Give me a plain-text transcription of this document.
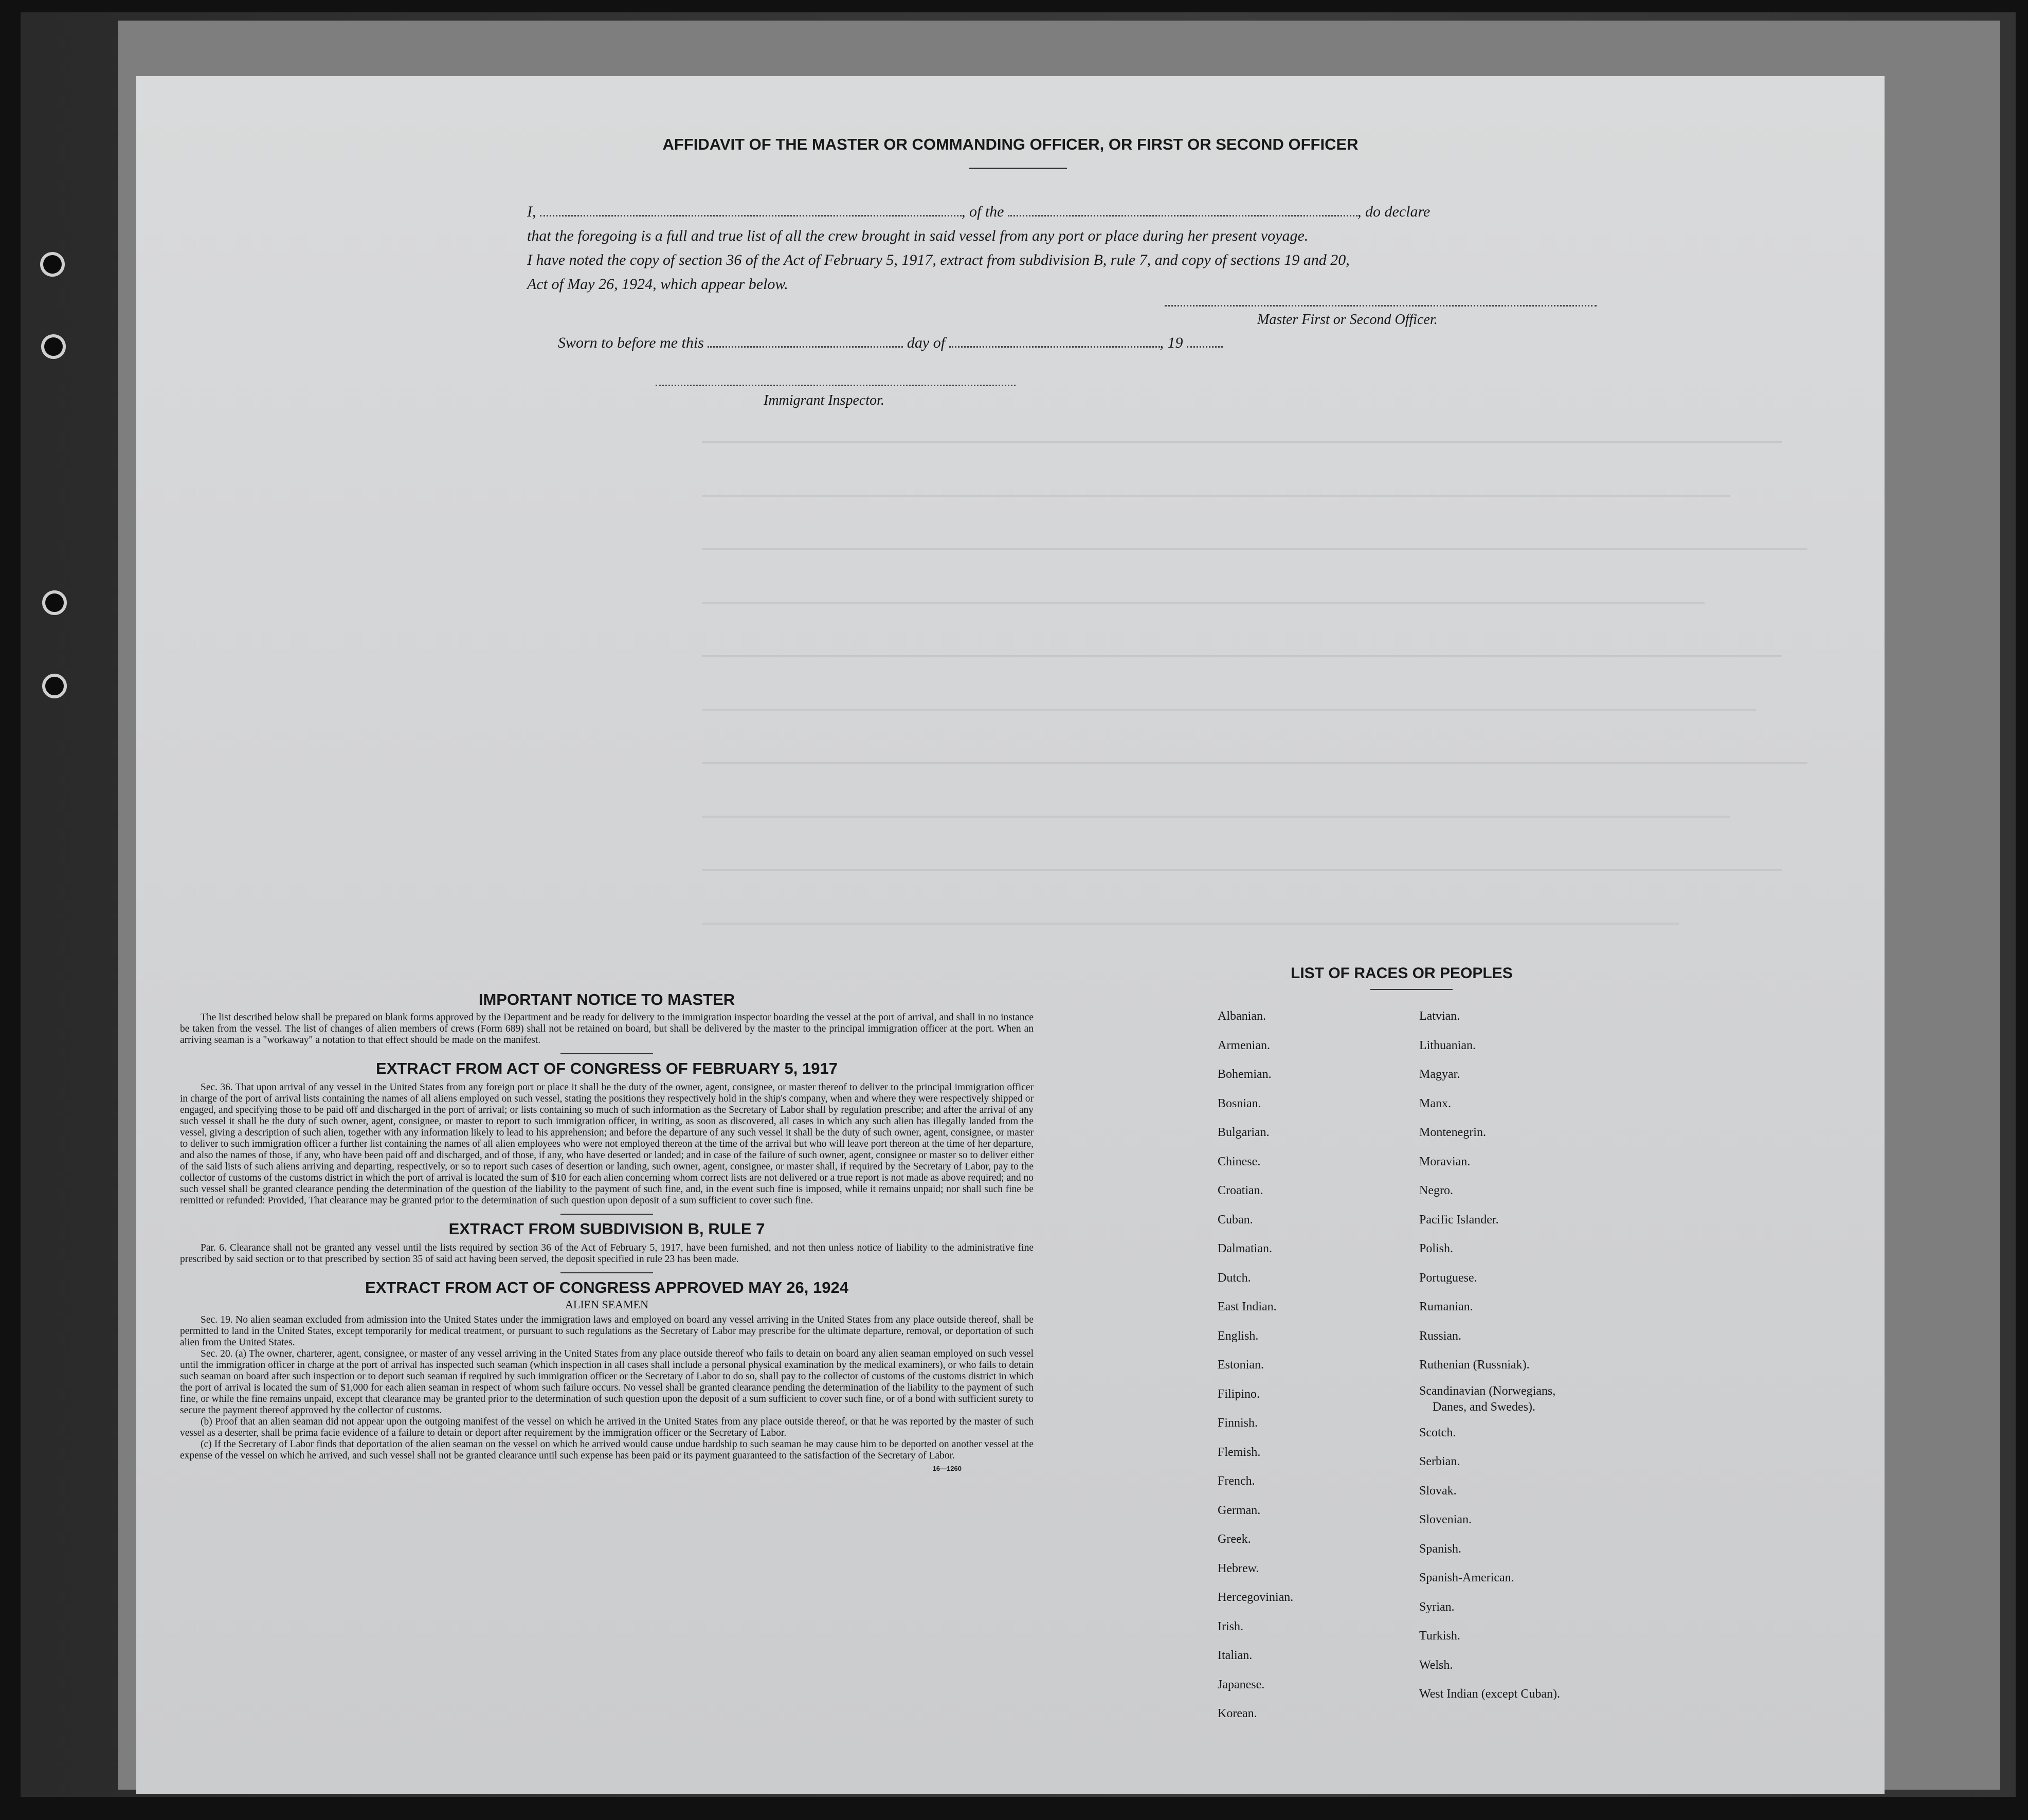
AFFIDAVIT OF THE MASTER OR COMMANDING OFFICER, OR FIRST OR SECOND OFFICER
I,	, of the	, do declare
that the foregoing is a full and true list of all the crew brought in said vessel from any port or place during her present voyage.
I have noted the copy of section 36 of the Act of February 5, 1917, extract from subdivision B, rule 7, and copy of sections 19 and 20,
Act of May 26, 1924, which appear below.
Master First or Second Officer.
Sworn to before me this	day of	, 19
Immigrant Inspector.
IMPORTANT NOTICE TO MASTER

The list described below shall be prepared on blank forms approved by the Department and be ready for delivery to the immigration inspector boarding the vessel at the port of arrival, and shall in no instance be taken from the vessel. The list of changes of alien members of crews (Form 689) shall not be retained on board, but shall be delivered by the master to the principal immigration officer at the port. When an arriving seaman is a "workaway" a notation to that effect should be made on the manifest.

EXTRACT FROM ACT OF CONGRESS OF FEBRUARY 5, 1917

Sec. 36. That upon arrival of any vessel in the United States from any foreign port or place it shall be the duty of the owner, agent, consignee, or master thereof to deliver to the principal immigration officer in charge of the port of arrival lists containing the names of all aliens employed on such vessel, stating the positions they respectively hold in the ship's company, when and where they were respectively shipped or engaged, and specifying those to be paid off and discharged in the port of arrival; or lists containing so much of such information as the Secretary of Labor shall by regulation prescribe; and after the arrival of any such vessel it shall be the duty of such owner, agent, consignee, or master to report to such immigration officer, in writing, as soon as discovered, all cases in which any such alien has illegally landed from the vessel, giving a description of such alien, together with any information likely to lead to his apprehension; and before the departure of any such vessel it shall be the duty of such owner, agent, consignee, or master to deliver to such immigration officer a further list containing the names of all alien employees who were not employed thereon at the time of the arrival but who will leave port thereon at the time of her departure, and also the names of those, if any, who have been paid off and discharged, and of those, if any, who have deserted or landed; and in case of the failure of such owner, agent, consignee or master so to deliver either of the said lists of such aliens arriving and departing, respectively, or so to report such cases of desertion or landing, such owner, agent, consignee, or master shall, if required by the Secretary of Labor, pay to the collector of customs of the customs district in which the port of arrival is located the sum of $10 for each alien concerning whom correct lists are not delivered or a true report is not made as above required; and no such vessel shall be granted clearance pending the determination of the question of the liability to the payment of such fine, and, in the event such fine is imposed, while it remains unpaid; nor shall such fine be remitted or refunded: Provided, That clearance may be granted prior to the determination of such question upon deposit of a sum sufficient to cover such fine.

EXTRACT FROM SUBDIVISION B, RULE 7

Par. 6. Clearance shall not be granted any vessel until the lists required by section 36 of the Act of February 5, 1917, have been furnished, and not then unless notice of liability to the administrative fine prescribed by said section or to that prescribed by section 35 of said act having been served, the deposit specified in rule 23 has been made.

EXTRACT FROM ACT OF CONGRESS APPROVED MAY 26, 1924
ALIEN SEAMEN

Sec. 19. No alien seaman excluded from admission into the United States under the immigration laws and employed on board any vessel arriving in the United States from any place outside thereof, shall be permitted to land in the United States, except temporarily for medical treatment, or pursuant to such regulations as the Secretary of Labor may prescribe for the ultimate departure, removal, or deportation of such alien from the United States.

Sec. 20. (a) The owner, charterer, agent, consignee, or master of any vessel arriving in the United States from any place outside thereof who fails to detain on board any alien seaman employed on such vessel until the immigration officer in charge at the port of arrival has inspected such seaman (which inspection in all cases shall include a personal physical examination by the medical examiners), or who fails to detain such seaman on board after such inspection or to deport such seaman if required by such immigration officer or the Secretary of Labor to do so, shall pay to the collector of customs of the customs district in which the port of arrival is located the sum of $1,000 for each alien seaman in respect of whom such failure occurs. No vessel shall be granted clearance pending the determination of the liability to the payment of such fine, or while the fine remains unpaid, except that clearance may be granted prior to the determination of such question upon the deposit of a sum sufficient to cover such fine, or of a bond with sufficient surety to secure the payment thereof approved by the collector of customs.

(b) Proof that an alien seaman did not appear upon the outgoing manifest of the vessel on which he arrived in the United States from any place outside thereof, or that he was reported by the master of such vessel as a deserter, shall be prima facie evidence of a failure to detain or deport after requirement by the immigration officer or the Secretary of Labor.

(c) If the Secretary of Labor finds that deportation of the alien seaman on the vessel on which he arrived would cause undue hardship to such seaman he may cause him to be deported on another vessel at the expense of the vessel on which he arrived, and such vessel shall not be granted clearance until such expense has been paid or its payment guaranteed to the satisfaction of the Secretary of Labor.

16—1260
LIST OF RACES OR PEOPLES
Albanian.
Armenian.
Bohemian.
Bosnian.
Bulgarian.
Chinese.
Croatian.
Cuban.
Dalmatian.
Dutch.
East Indian.
English.
Estonian.
Filipino.
Finnish.
Flemish.
French.
German.
Greek.
Hebrew.
Hercegovinian.
Irish.
Italian.
Japanese.
Korean.
Latvian.
Lithuanian.
Magyar.
Manx.
Montenegrin.
Moravian.
Negro.
Pacific Islander.
Polish.
Portuguese.
Rumanian.
Russian.
Ruthenian (Russniak).
Scandinavian (Norwegians,
Danes, and Swedes).
Scotch.
Serbian.
Slovak.
Slovenian.
Spanish.
Spanish-American.
Syrian.
Turkish.
Welsh.
West Indian (except Cuban).
